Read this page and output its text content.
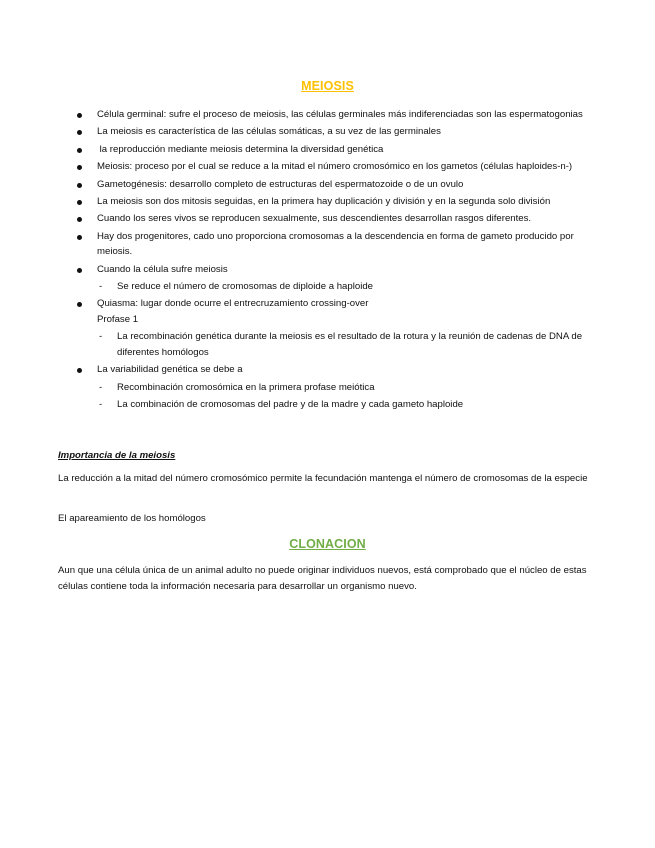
MEIOSIS
Célula germinal: sufre el proceso de meiosis, las células germinales más indiferenciadas son las espermatogonias
La meiosis es característica de las células somáticas, a su vez de las germinales
la reproducción mediante meiosis determina la diversidad genética
Meiosis: proceso por el cual se reduce a la mitad el número cromosómico en los gametos (células haploides-n-)
Gametogénesis: desarrollo completo de estructuras del espermatozoide o de un ovulo
La meiosis son dos mitosis seguidas, en la primera hay duplicación y división y en la segunda solo división
Cuando los seres vivos se reproducen sexualmente, sus descendientes desarrollan rasgos diferentes.
Hay dos progenitores, cado uno proporciona cromosomas a la descendencia en forma de gameto producido por meiosis.
Cuando la célula sufre meiosis
- Se reduce el número de cromosomas de diploide a haploide
Quiasma: lugar donde ocurre el entrecruzamiento crossing-over
Profase 1
- La recombinación genética durante la meiosis es el resultado de la rotura y la reunión de cadenas de DNA de diferentes homólogos
La variabilidad genética se debe a
- Recombinación cromosómica en la primera profase meiótica
- La combinación de cromosomas del padre y de la madre y cada gameto haploide
Importancia de la meiosis
La reducción a la mitad del número cromosómico permite la fecundación mantenga el número de cromosomas de la especie
El apareamiento de los homólogos
CLONACION
Aun que una célula única de un animal adulto no puede originar individuos nuevos, está comprobado que el núcleo de estas células contiene toda la información necesaria para desarrollar un organismo nuevo.
